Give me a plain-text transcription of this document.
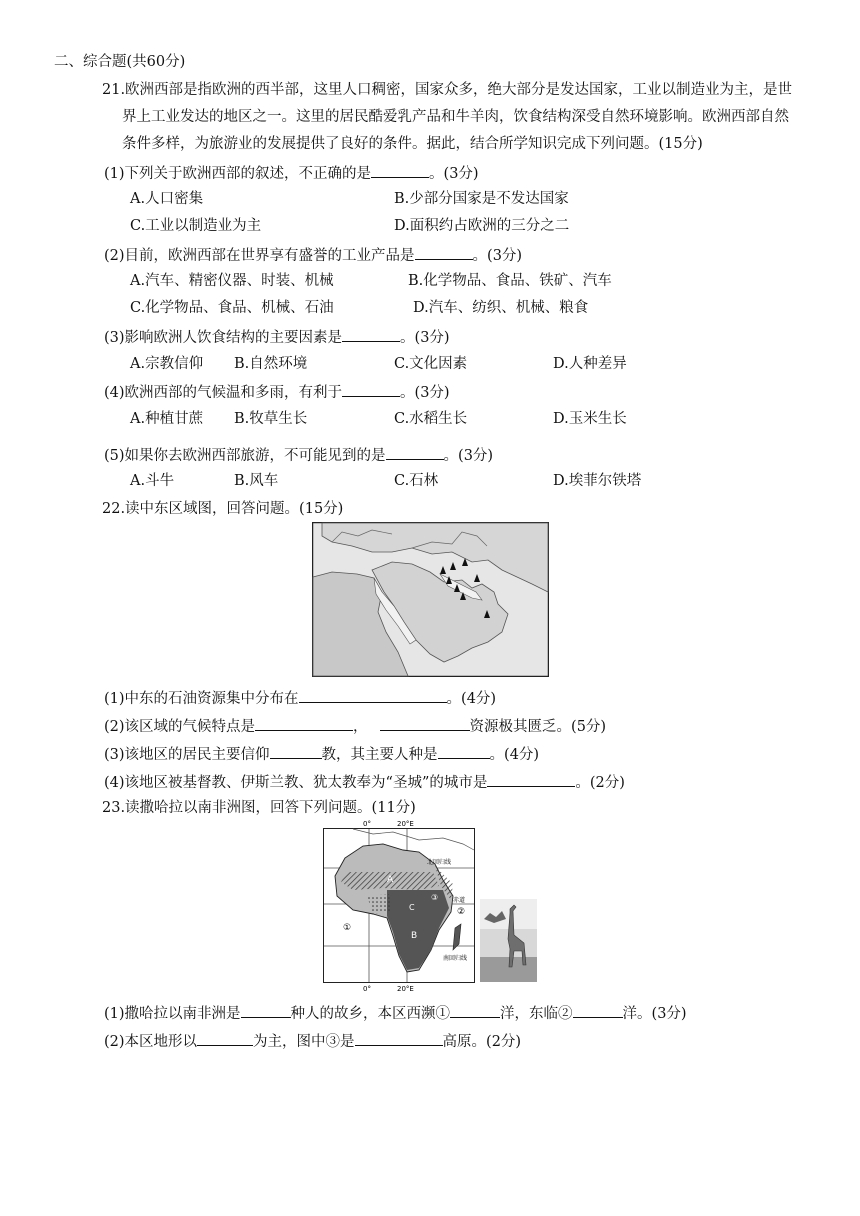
二、综合题(共60分)
21.欧洲西部是指欧洲的西半部，这里人口稠密，国家众多，绝大部分是发达国家，工业以制造业为主，是世
界上工业发达的地区之一。这里的居民酷爱乳产品和牛羊肉，饮食结构深受自然环境影响。欧洲西部自然
条件多样，为旅游业的发展提供了良好的条件。据此，结合所学知识完成下列问题。(15分)
(1)下列关于欧洲西部的叙述，不正确的是	。(3分)
A.人口密集	B.少部分国家是不发达国家
C.工业以制造业为主	D.面积约占欧洲的三分之二
(2)目前，欧洲西部在世界享有盛誉的工业产品是	。(3分)
A.汽车、精密仪器、时装、机械	B.化学物品、食品、铁矿、汽车
C.化学物品、食品、机械、石油	D.汽车、纺织、机械、粮食
(3)影响欧洲人饮食结构的主要因素是	。(3分)
A.宗教信仰 B.自然环境	C.文化因素	D.人种差异
(4)欧洲西部的气候温和多雨，有利于	。(3分)
A.种植甘蔗 B.牧草生长	C.水稻生长	D.玉米生长
(5)如果你去欧洲西部旅游，不可能见到的是	。(3分)
A.斗牛	B.风车	C.石林	D.埃菲尔铁塔
22.读中东区域图，回答问题。(15分)
(1)中东的石油资源集中分布在	。(4分)
(2)该区域的气候特点是	，	资源极其匮乏。(5分)
(3)该地区的居民主要信仰	教，其主要人种是	。(4分)
(4)该地区被基督教、伊斯兰教、犹太教奉为“圣城”的城市是	。(2分)
23.读撒哈拉以南非洲图，回答下列问题。(11分)
0°	20°E
0°	20°E
北回归线
赤道
南回归线
A
B
C
①
②
③
(1)撒哈拉以南非洲是	种人的故乡，本区西濒①	洋，东临②	洋。(3分)
(2)本区地形以	为主，图中③是	高原。(2分)
